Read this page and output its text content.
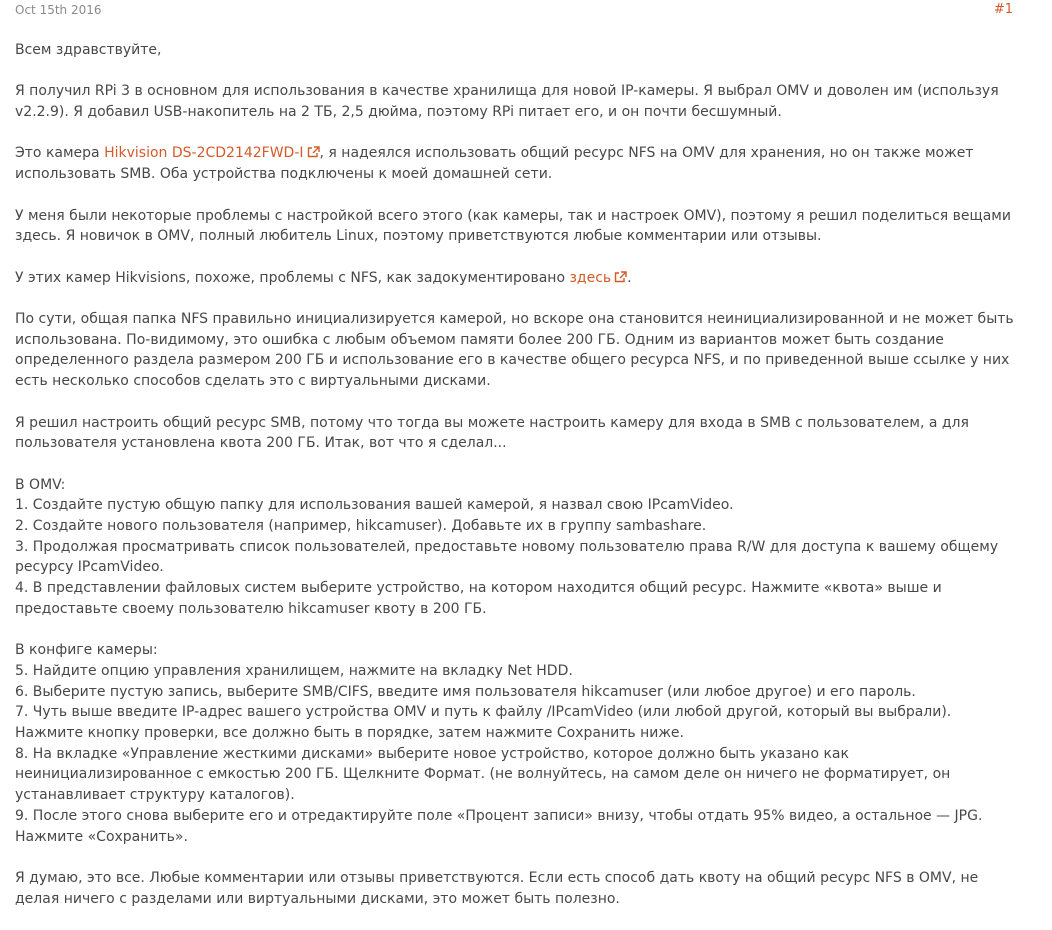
Oct 15th 2016	#1

Всем здравствуйте,

Я получил RPi 3 в основном для использования в качестве хранилища для новой IP-камеры. Я выбрал OMV и доволен им (используя v2.2.9). Я добавил USB-накопитель на 2 ТБ, 2,5 дюйма, поэтому RPi питает его, и он почти бесшумный.

Это камера Hikvision DS-2CD2142FWD-I , я надеялся использовать общий ресурс NFS на OMV для хранения, но он также может использовать SMB. Оба устройства подключены к моей домашней сети.

У меня были некоторые проблемы с настройкой всего этого (как камеры, так и настроек OMV), поэтому я решил поделиться вещами здесь. Я новичок в OMV, полный любитель Linux, поэтому приветствуются любые комментарии или отзывы.

У этих камер Hikvisions, похоже, проблемы с NFS, как задокументировано здесь .

По сути, общая папка NFS правильно инициализируется камерой, но вскоре она становится неинициализированной и не может быть использована. По-видимому, это ошибка с любым объемом памяти более 200 ГБ. Одним из вариантов может быть создание определенного раздела размером 200 ГБ и использование его в качестве общего ресурса NFS, и по приведенной выше ссылке у них есть несколько способов сделать это с виртуальными дисками.

Я решил настроить общий ресурс SMB, потому что тогда вы можете настроить камеру для входа в SMB с пользователем, а для пользователя установлена квота 200 ГБ. Итак, вот что я сделал...

В OMV:
1. Создайте пустую общую папку для использования вашей камерой, я назвал свою IPcamVideo.
2. Создайте нового пользователя (например, hikcamuser). Добавьте их в группу sambashare.
3. Продолжая просматривать список пользователей, предоставьте новому пользователю права R/W для доступа к вашему общему ресурсу IPcamVideo.
4. В представлении файловых систем выберите устройство, на котором находится общий ресурс. Нажмите «квота» выше и предоставьте своему пользователю hikcamuser квоту в 200 ГБ.

В конфиге камеры:
5. Найдите опцию управления хранилищем, нажмите на вкладку Net HDD.
6. Выберите пустую запись, выберите SMB/CIFS, введите имя пользователя hikcamuser (или любое другое) и его пароль.
7. Чуть выше введите IP-адрес вашего устройства OMV и путь к файлу /IPcamVideo (или любой другой, который вы выбрали). Нажмите кнопку проверки, все должно быть в порядке, затем нажмите Сохранить ниже.
8. На вкладке «Управление жесткими дисками» выберите новое устройство, которое должно быть указано как неинициализированное с емкостью 200 ГБ. Щелкните Формат. (не волнуйтесь, на самом деле он ничего не форматирует, он устанавливает структуру каталогов).
9. После этого снова выберите его и отредактируйте поле «Процент записи» внизу, чтобы отдать 95% видео, а остальное — JPG. Нажмите «Сохранить».

Я думаю, это все. Любые комментарии или отзывы приветствуются. Если есть способ дать квоту на общий ресурс NFS в OMV, не делая ничего с разделами или виртуальными дисками, это может быть полезно.
